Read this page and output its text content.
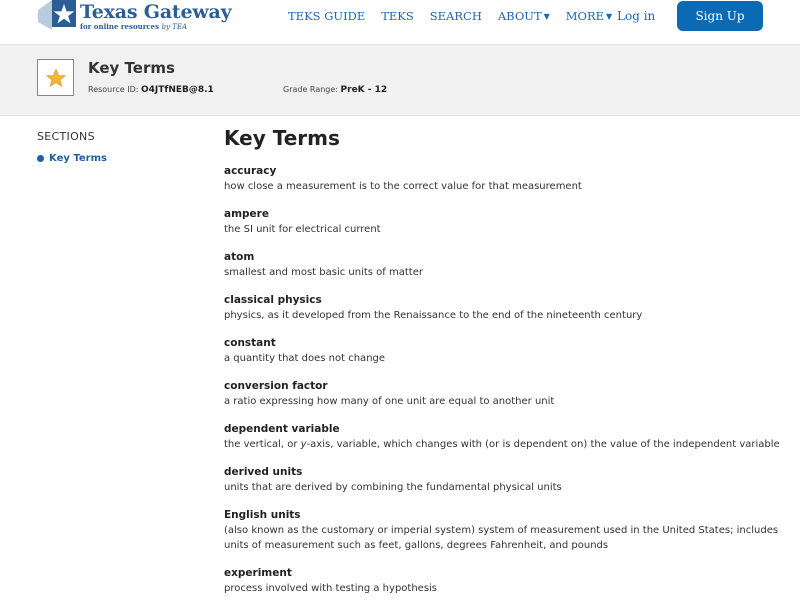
Texas Gateway
for online resources by TEA
TEKS GUIDE TEKS SEARCH ABOUT ▼ MORE ▼ Log in	Sign Up
Key Terms
Resource ID: O4JTfNEB@8.1	Grade Range: PreK - 12
SECTIONS
Key Terms
Key Terms
accuracy
how close a measurement is to the correct value for that measurement
ampere
the SI unit for electrical current
atom
smallest and most basic units of matter
classical physics
physics, as it developed from the Renaissance to the end of the nineteenth century
constant
a quantity that does not change
conversion factor
a ratio expressing how many of one unit are equal to another unit
dependent variable
the vertical, or y-axis, variable, which changes with (or is dependent on) the value of the independent variable
derived units
units that are derived by combining the fundamental physical units
English units
(also known as the customary or imperial system) system of measurement used in the United States; includes units of measurement such as feet, gallons, degrees Fahrenheit, and pounds
experiment
process involved with testing a hypothesis
